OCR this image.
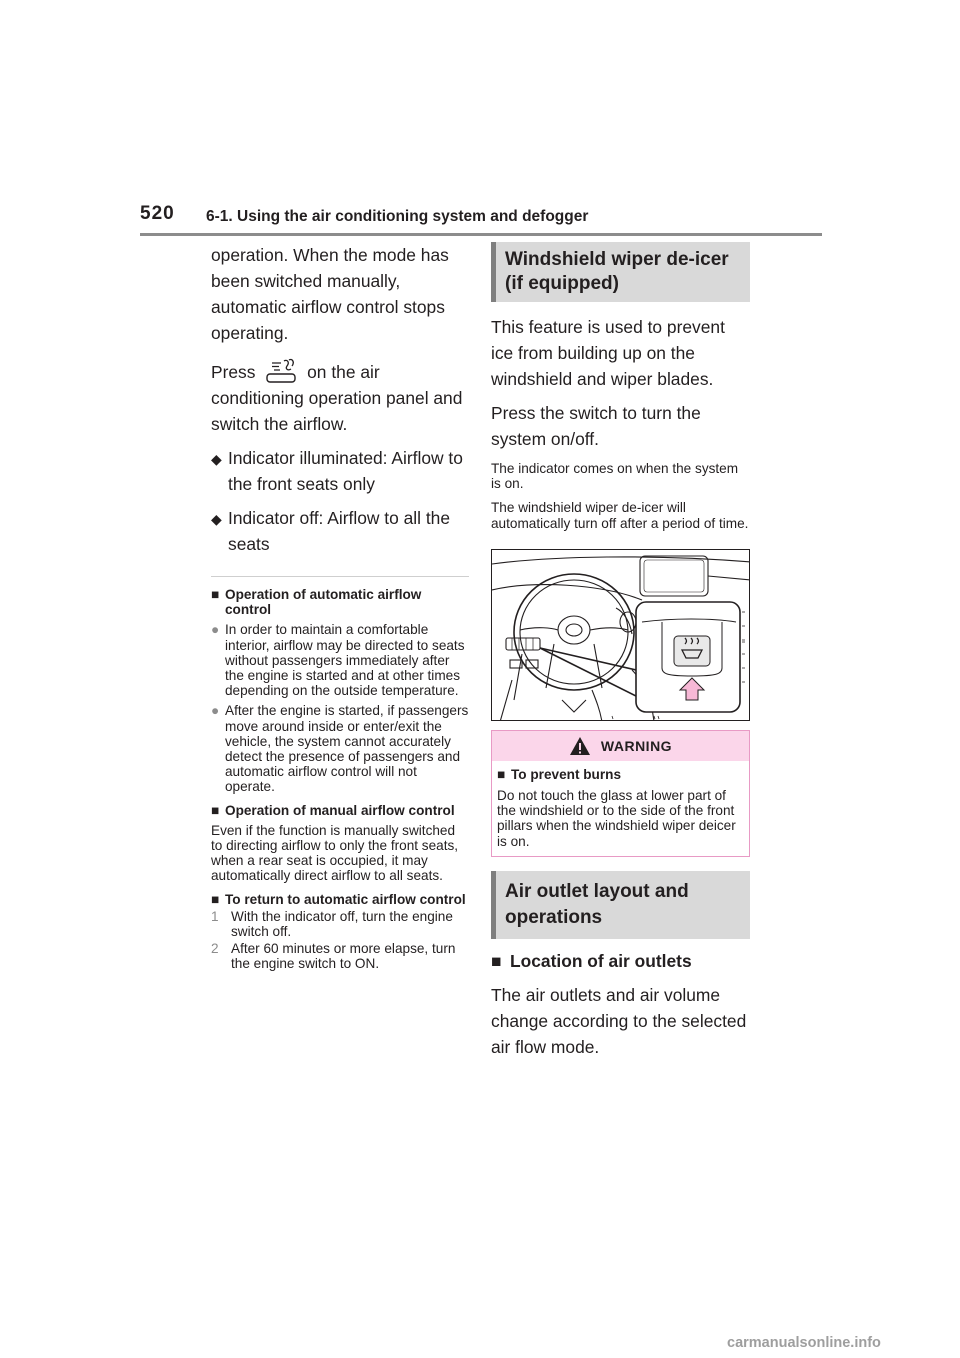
520 6-1. Using the air conditioning system and defogger

operation. When the mode has been switched manually, automatic airflow control stops operating.

Press	on the air conditioning operation panel and switch the airflow.

◆ Indicator illuminated: Airflow to the front seats only
◆ Indicator off: Airflow to all the seats
■ Operation of automatic airflow control
● In order to maintain a comfortable interior, airflow may be directed to seats without passengers immediately after the engine is started and at other times depending on the outside temperature.
● After the engine is started, if passengers move around inside or enter/exit the vehicle, the system cannot accurately detect the presence of passengers and automatic airflow control will not operate.
■ Operation of manual airflow control

Even if the function is manually switched to directing airflow to only the front seats, when a rear seat is occupied, it may automatically direct airflow to all seats.

■ To return to automatic airflow control
1 With the indicator off, turn the engine switch off.
2 After 60 minutes or more elapse, turn the engine switch to ON.
Windshield wiper de-icer (if equipped)

This feature is used to prevent ice from building up on the windshield and wiper blades.

Press the switch to turn the system on/off.

The indicator comes on when the system is on.

The windshield wiper de-icer will automatically turn off after a period of time.

WARNING
■ To prevent burns

Do not touch the glass at lower part of the windshield or to the side of the front pillars when the windshield wiper deicer is on.

Air outlet layout and operations
■ Location of air outlets

The air outlets and air volume change according to the selected air flow mode.

carmanualsonline.info
